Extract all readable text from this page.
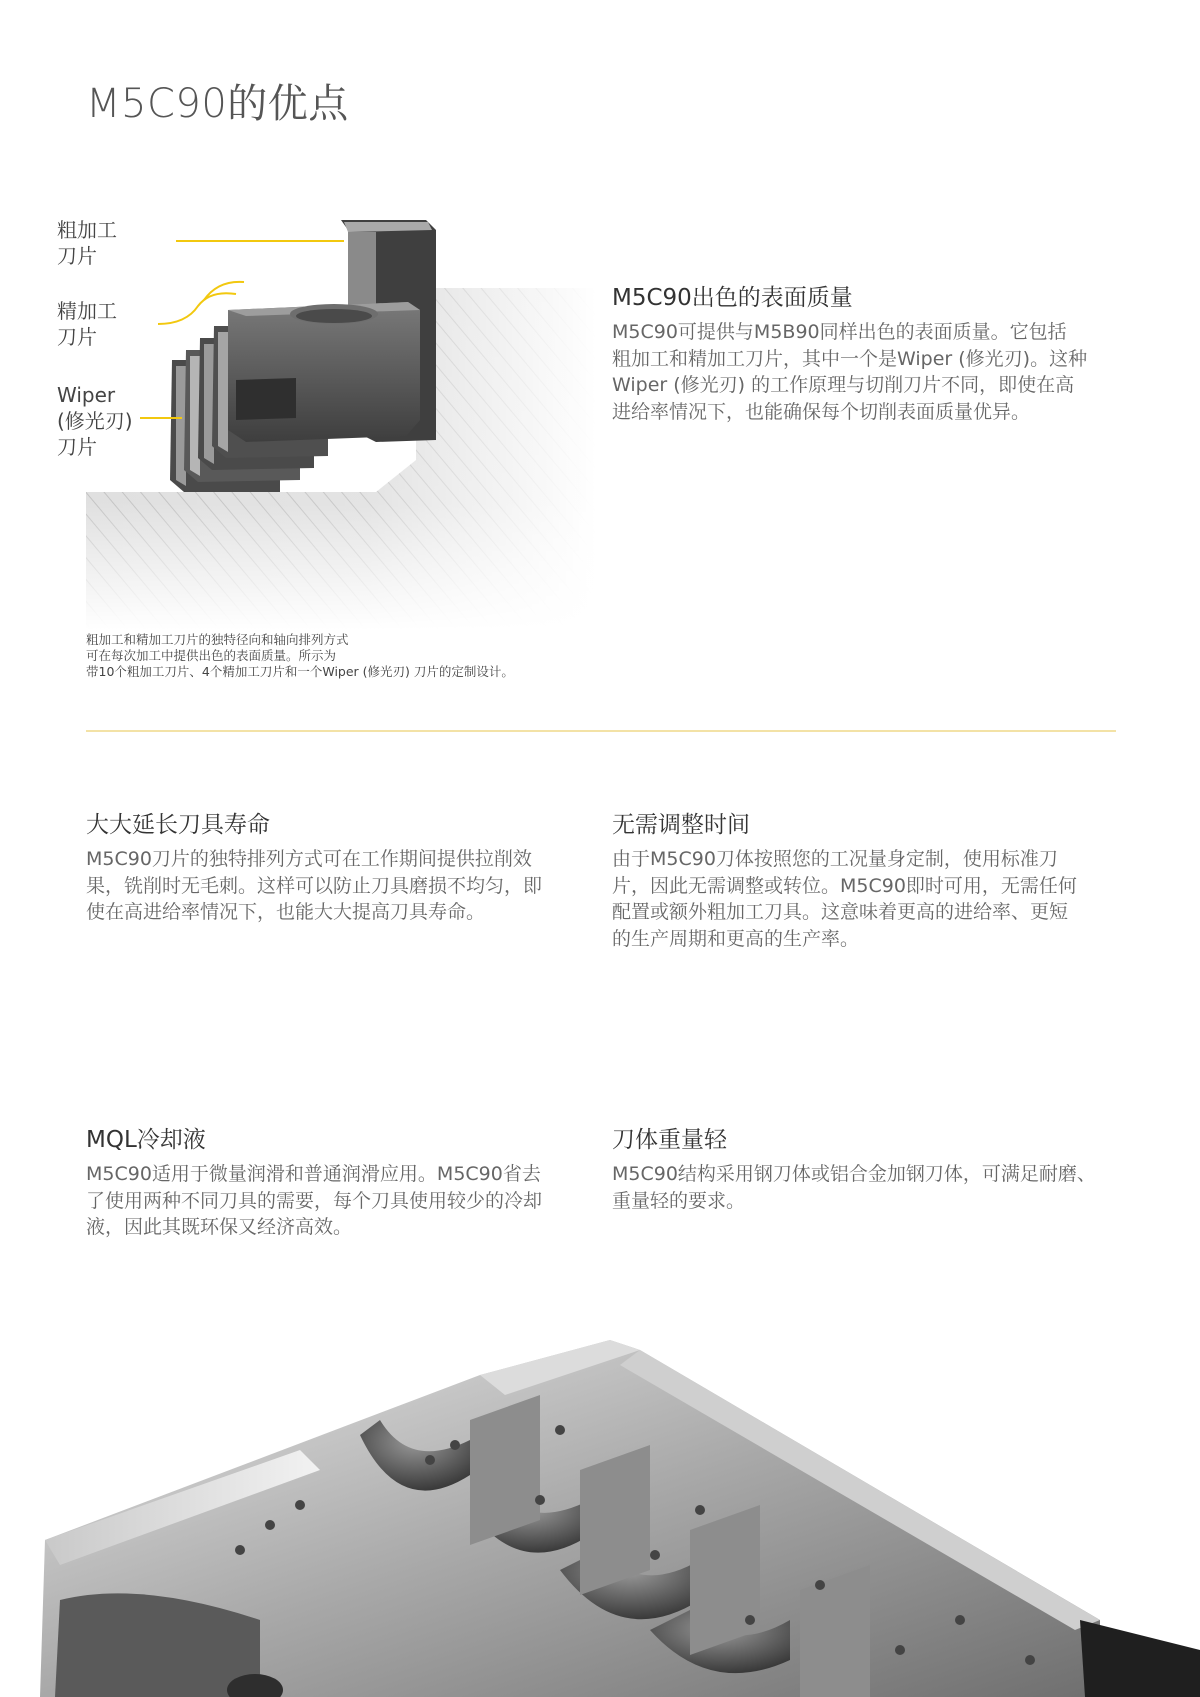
M5C90的优点
粗加工
刀片
精加工
刀片
Wiper
(修光刃)
刀片
粗加工和精加工刀片的独特径向和轴向排列方式
可在每次加工中提供出色的表面质量。所示为
带10个粗加工刀片、4个精加工刀片和一个Wiper (修光刃) 刀片的定制设计。
M5C90出色的表面质量
M5C90可提供与M5B90同样出色的表面质量。它包括
粗加工和精加工刀片，其中一个是Wiper (修光刃)。这种
Wiper (修光刃) 的工作原理与切削刀片不同，即使在高
进给率情况下，也能确保每个切削表面质量优异。
大大延长刀具寿命
M5C90刀片的独特排列方式可在工作期间提供拉削效
果，铣削时无毛刺。这样可以防止刀具磨损不均匀，即
使在高进给率情况下，也能大大提高刀具寿命。
无需调整时间
由于M5C90刀体按照您的工况量身定制，使用标准刀
片，因此无需调整或转位。M5C90即时可用，无需任何
配置或额外粗加工刀具。这意味着更高的进给率、更短
的生产周期和更高的生产率。
MQL冷却液
M5C90适用于微量润滑和普通润滑应用。M5C90省去
了使用两种不同刀具的需要，每个刀具使用较少的冷却
液，因此其既环保又经济高效。
刀体重量轻
M5C90结构采用钢刀体或铝合金加钢刀体，可满足耐磨、
重量轻的要求。
